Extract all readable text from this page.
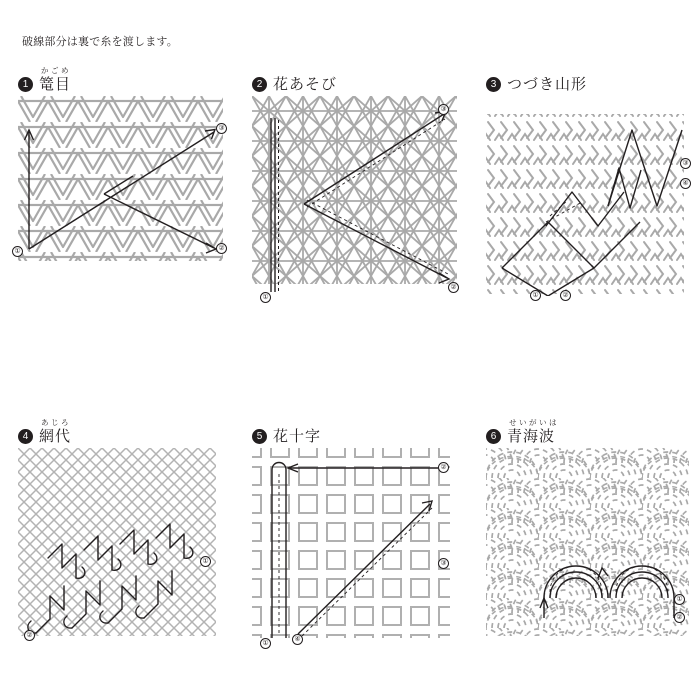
破線部分は裏で糸を渡します。
1
かごめ
篭目
①	②
③
2 花あそび
①
②
③
3 つづき山形
①	②
③
④
4
あじろ
網代
①
②
5 花十字
①
②
③
④
6
せいがいは
青海波
①
②
